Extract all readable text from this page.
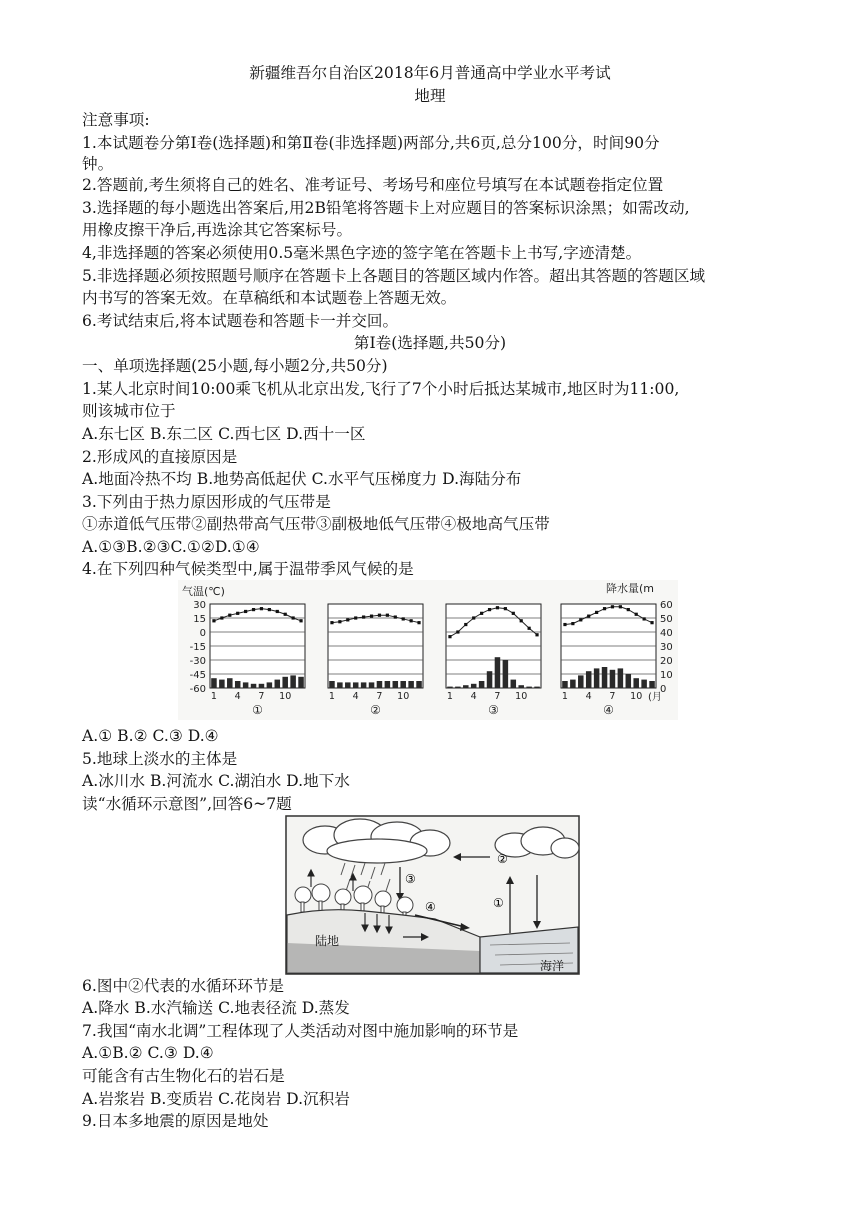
新疆维吾尔自治区2018年6月普通高中学业水平考试
地理
注意事项:
1.本试题卷分第Ⅰ卷(选择题)和第Ⅱ卷(非选择题)两部分,共6页,总分100分，时间90分
钟。
2.答题前,考生须将自己的姓名、准考证号、考场号和座位号填写在本试题卷指定位置
3.选择题的每小题选出答案后,用2B铅笔将答题卡上对应题目的答案标识涂黑；如需改动,
用橡皮擦干净后,再选涂其它答案标号。
4,非选择题的答案必须使用0.5毫米黑色字迹的签字笔在答题卡上书写,字迹清楚。
5.非选择题必须按照题号顺序在答题卡上各题目的答题区域内作答。超出其答题的答题区域
内书写的答案无效。在草稿纸和本试题卷上答题无效。
6.考试结束后,将本试题卷和答题卡一并交回。
第Ⅰ卷(选择题,共50分)
一、单项选择题(25小题,每小题2分,共50分)
1.某人北京时间10:00乘飞机从北京出发,飞行了7个小时后抵达某城市,地区时为11:00,
则该城市位于
A.东七区 B.东二区 C.西七区 D.西十一区
2.形成风的直接原因是
A.地面冷热不均 B.地势高低起伏 C.水平气压梯度力 D.海陆分布
3.下列由于热力原因形成的气压带是
①赤道低气压带②副热带高气压带③副极地低气压带④极地高气压带
A.①③B.②③C.①②D.①④
4.在下列四种气候类型中,属于温带季风气候的是
气温(℃)	降水量(m
(月
30
15
0
-15
-30
-45
-60
60
50
40
30
20
10
0
1 4 7 10
①
1 4 7 10
②
1 4 7 10
③
1 4 7 10
④
A.① B.② C.③ D.④
5.地球上淡水的主体是
A.冰川水 B.河流水 C.湖泊水 D.地下水
读“水循环示意图”,回答6~7题
②
③
①
④
陆地
海洋
6.图中②代表的水循环环节是
A.降水 B.水汽输送 C.地表径流 D.蒸发
7.我国“南水北调”工程体现了人类活动对图中施加影响的环节是
A.①B.② C.③ D.④
可能含有古生物化石的岩石是
A.岩浆岩 B.变质岩 C.花岗岩 D.沉积岩
9.日本多地震的原因是地处
